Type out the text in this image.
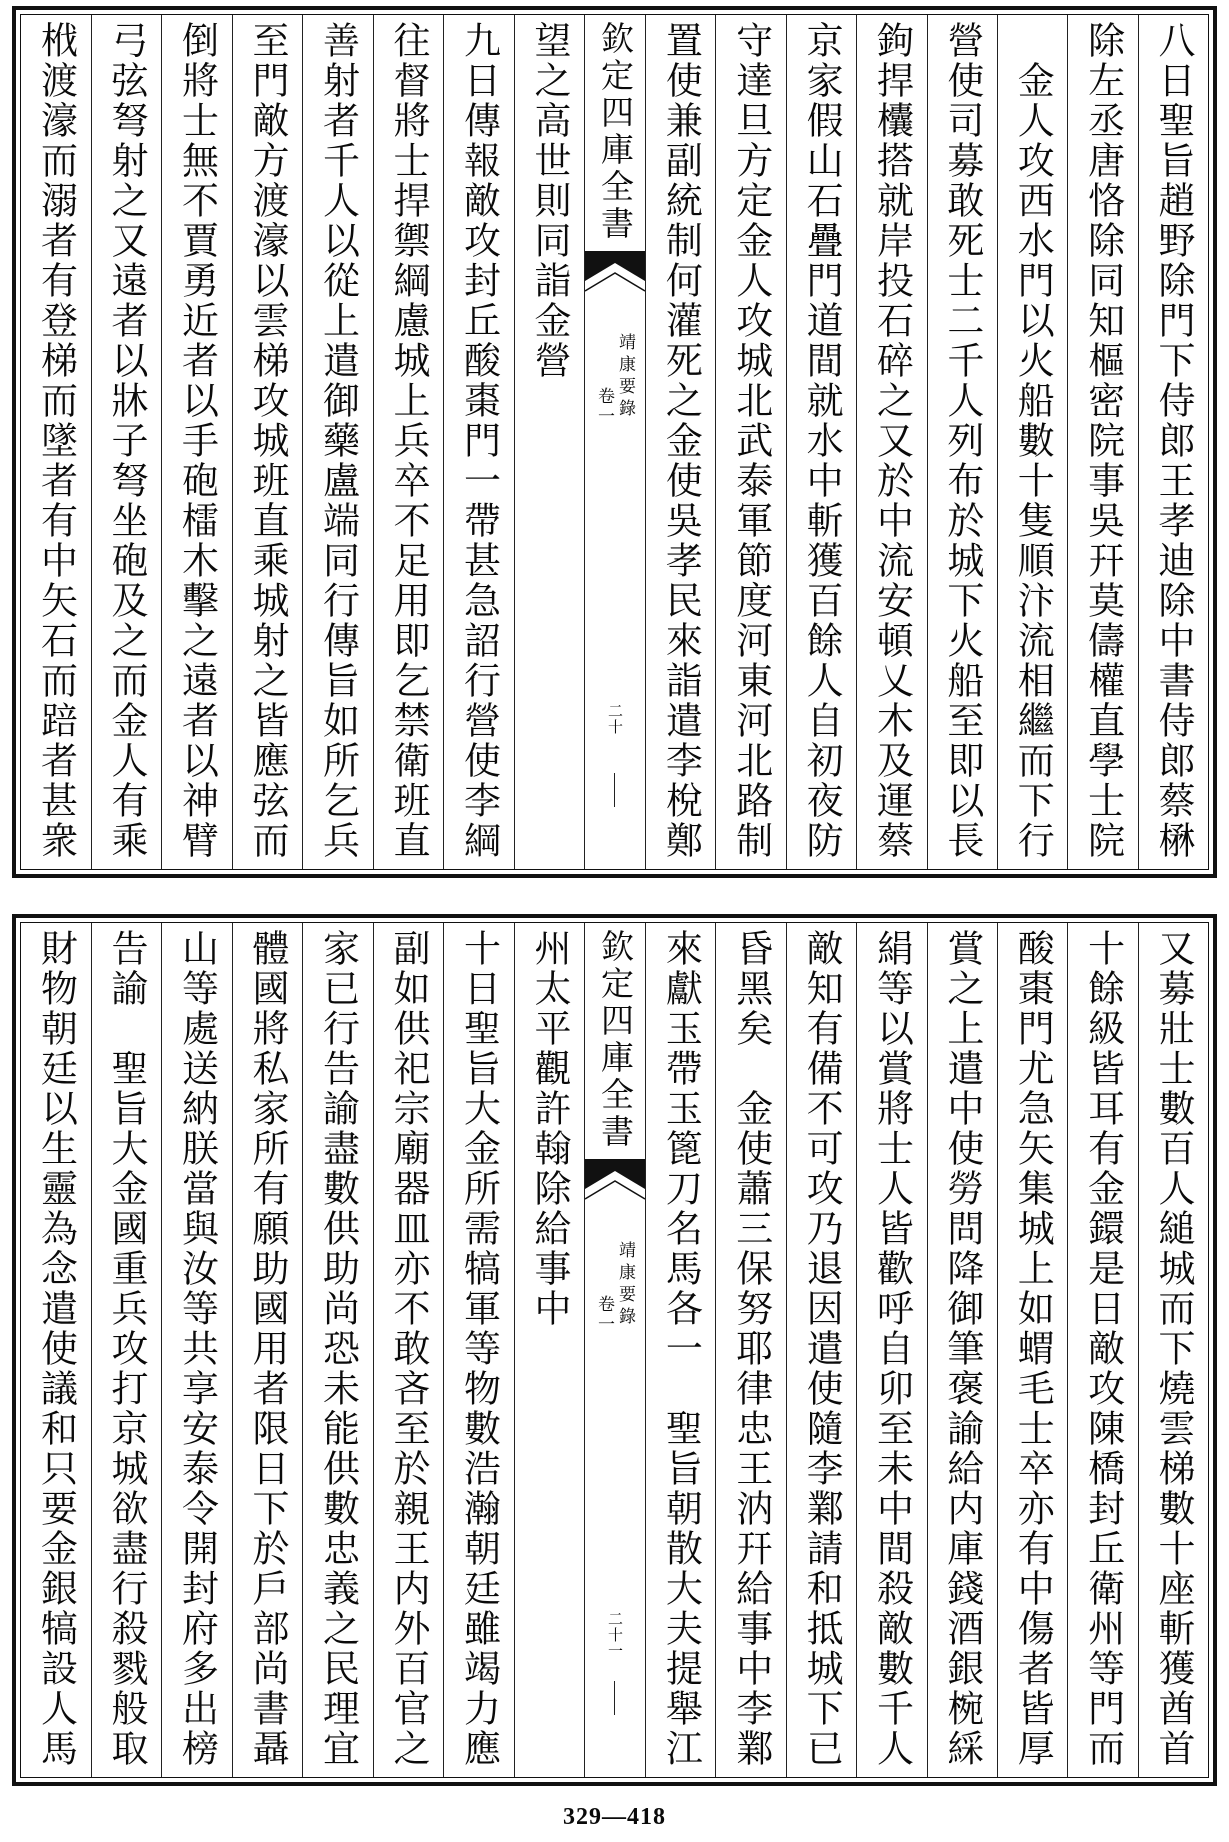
八日聖旨趙野除門下侍郎王孝迪除中書侍郎蔡楙
除左丞唐恪除同知樞密院事吳幵莫儔權直學士院
　金人攻西水門以火船數十隻順汴流相繼而下行
營使司募敢死士二千人列布於城下火船至即以長
鉤捍欜搭就岸投石碎之又於中流安頓乂木及運蔡
京家假山石疊門道間就水中斬獲百餘人自初夜防
守達旦方定金人攻城北武泰軍節度河東河北路制
置使兼副統制何灌死之金使吳孝民來詣遣李梲鄭
欽定四庫全書
靖康要錄
卷一
二十
望之高世則同詣金營
九日傳報敵攻封丘酸棗門一帶甚急詔行營使李綱
往督將士捍禦綱慮城上兵卒不足用即乞禁衛班直
善射者千人以從上遣御藥盧端同行傳旨如所乞兵
至門敵方渡濠以雲梯攻城班直乘城射之皆應弦而
倒將士無不賈勇近者以手砲檑木擊之遠者以神臂
弓弦弩射之又遠者以牀子弩坐砲及之而金人有乘
栰渡濠而溺者有登梯而墜者有中矢石而踣者甚衆
又募壯士數百人縋城而下燒雲梯數十座斬獲酋首
十餘級皆耳有金鐶是日敵攻陳橋封丘衛州等門而
酸棗門尤急矢集城上如蝟毛士卒亦有中傷者皆厚
賞之上遣中使勞問降御筆褒諭給内庫錢酒銀椀綵
絹等以賞將士人皆歡呼自卯至未中間殺敵數千人
敵知有備不可攻乃退因遣使隨李鄴請和抵城下已
昏黑矣　金使蕭三保努耶律忠王汭幵給事中李鄴
來獻玉帶玉篦刀名馬各一　聖旨朝散大夫提舉江
欽定四庫全書
靖康要錄
卷一
二十一
州太平觀許翰除給事中
十日聖旨大金所需犒軍等物數浩瀚朝廷雖竭力應
副如供祀宗廟器皿亦不敢吝至於親王内外百官之
家已行告諭盡數供助尚恐未能供數忠義之民理宜
體國將私家所有願助國用者限日下於戶部尚書聶
山等處送納朕當與汝等共享安泰令開封府多出榜
告諭　聖旨大金國重兵攻打京城欲盡行殺戮般取
財物朝廷以生靈為念遣使議和只要金銀犒設人馬
329—418
